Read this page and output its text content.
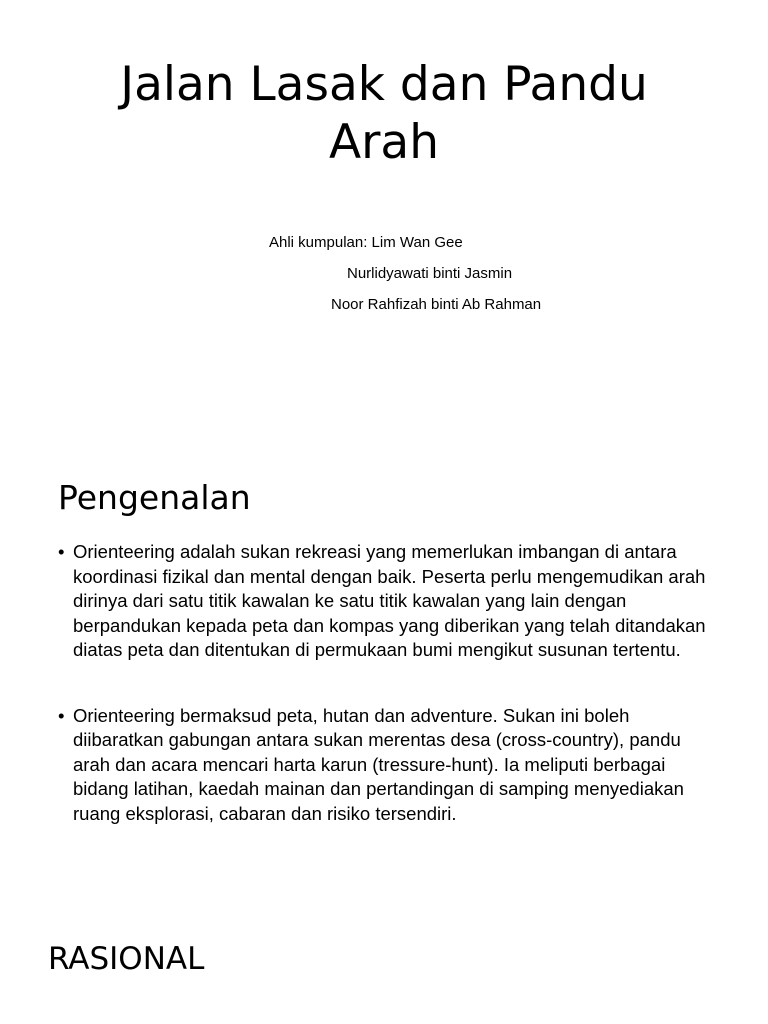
Jalan Lasak dan Pandu
Arah
Ahli kumpulan: Lim Wan Gee
Nurlidyawati binti Jasmin
Noor Rahfizah binti Ab Rahman
Pengenalan
• Orienteering adalah sukan rekreasi yang memerlukan imbangan di antara koordinasi fizikal dan mental dengan baik. Peserta perlu mengemudikan arah dirinya dari satu titik kawalan ke satu titik kawalan yang lain dengan berpandukan kepada peta dan kompas yang diberikan yang telah ditandakan diatas peta dan ditentukan di permukaan bumi mengikut susunan tertentu.
• Orienteering bermaksud peta, hutan dan adventure. Sukan ini boleh diibaratkan gabungan antara sukan merentas desa (cross-country), pandu arah dan acara mencari harta karun (tressure-hunt). Ia meliputi berbagai bidang latihan, kaedah mainan dan pertandingan di samping menyediakan ruang eksplorasi, cabaran dan risiko tersendiri.
RASIONAL
